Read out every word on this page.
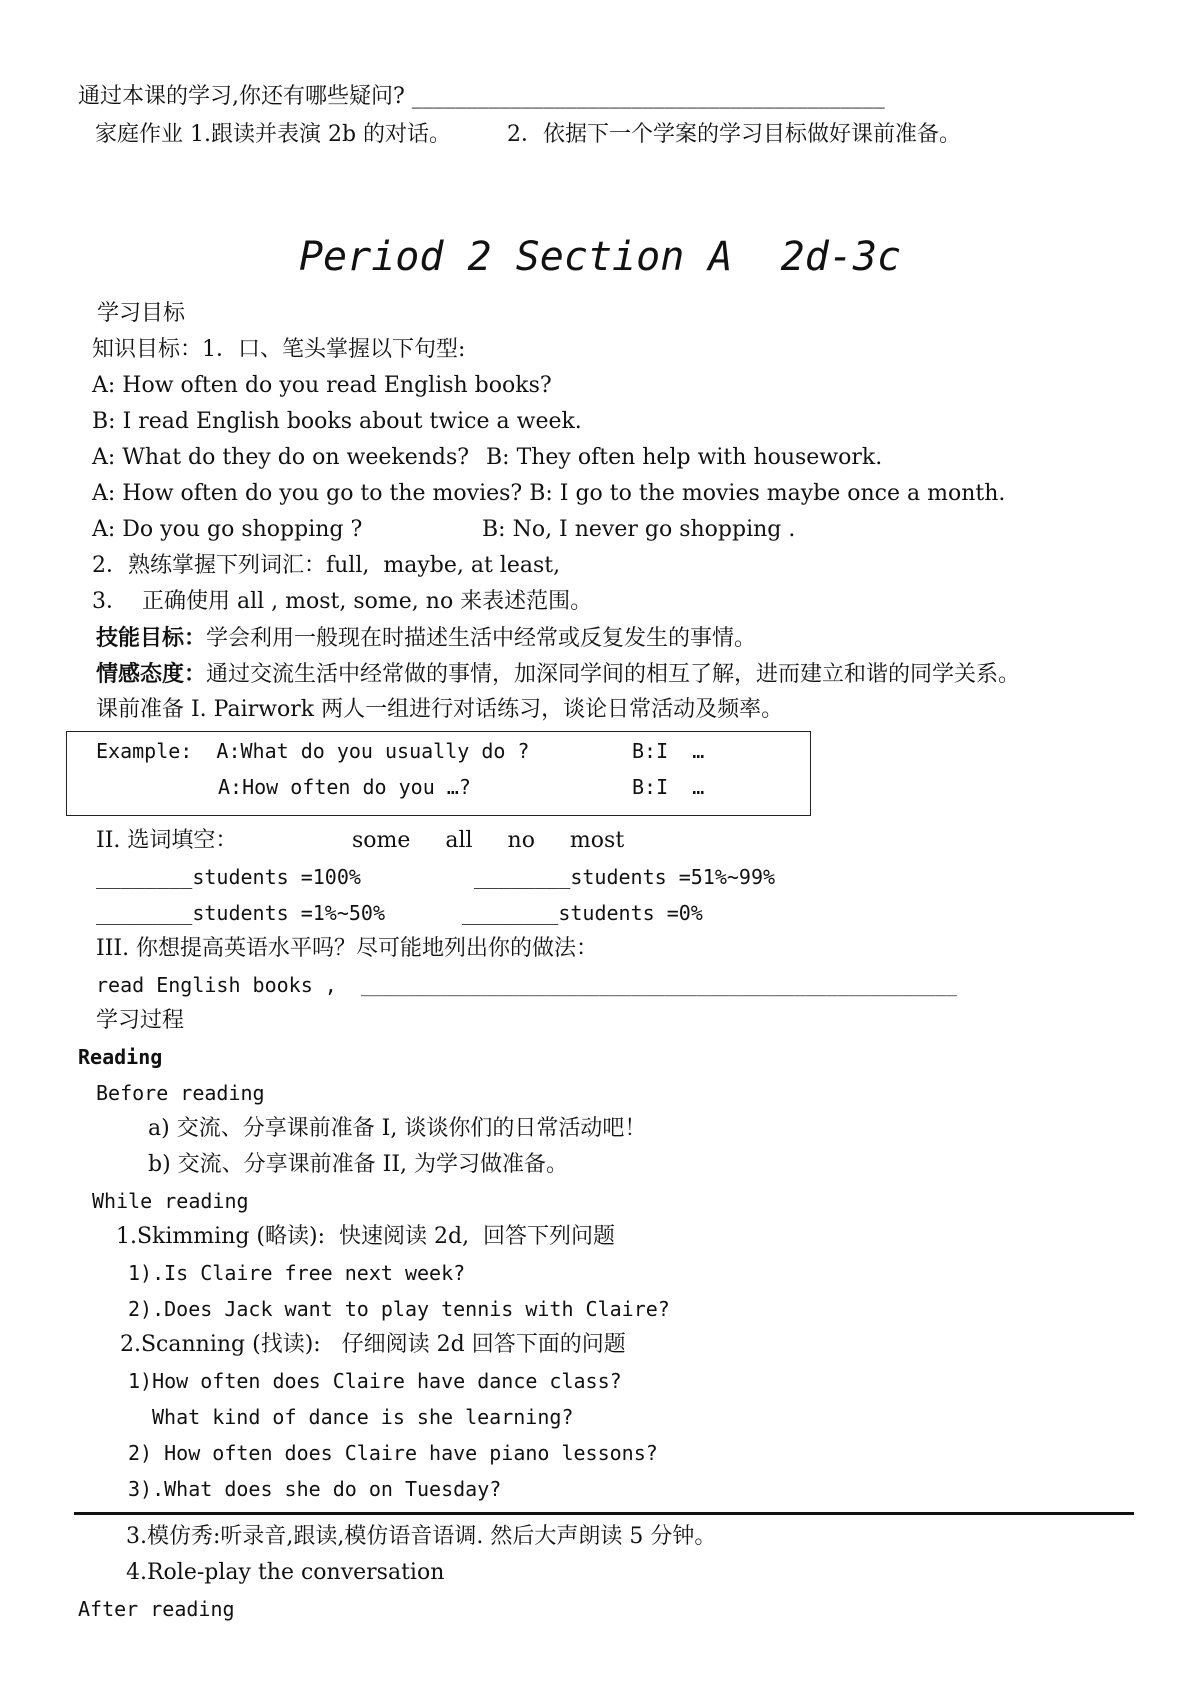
通过本课的学习,你还有哪些疑问? ___________________________________________
家庭作业 1.跟读并表演 2b 的对话。        2．依据下一个学案的学习目标做好课前准备。
Period 2 Section A  2d-3c
学习目标
知识目标：1．口、笔头掌握以下句型:
A: How often do you read English books?
B: I read English books about twice a week.
A: What do they do on weekends? B: They often help with housework.
A: How often do you go to the movies? B: I go to the movies maybe once a month.
A: Do you go shopping ?	B: No, I never go shopping .
2．熟练掌握下列词汇：full,  maybe, at least,
3．  正确使用 all , most, some, no 来表述范围。
技能目标：学会利用一般现在时描述生活中经常或反复发生的事情。
情感态度：通过交流生活中经常做的事情，加深同学间的相互了解，进而建立和谐的同学关系。
课前准备 I. Pairwork 两人一组进行对话练习，谈论日常活动及频率。
Example:  A:What do you usually do ?	B:I  …
A:How often do you …?	B:I  …
II. 选词填空：	some     all     no     most
________students =100%	________students =51%~99%
________students =1%~50%	________students =0%
III. 你想提高英语水平吗？尽可能地列出你的做法：
read English books ,  _______________________________________________________
学习过程
Reading
Before reading
a) 交流、分享课前准备 I, 谈谈你们的日常活动吧！
b) 交流、分享课前准备 II, 为学习做准备。
While reading
1.Skimming (略读):  快速阅读 2d,  回答下列问题
1).Is Claire free next week?
2).Does Jack want to play tennis with Claire?
2.Scanning (找读):   仔细阅读 2d 回答下面的问题
1)How often does Claire have dance class?
What kind of dance is she learning?
2) How often does Claire have piano lessons?
3).What does she do on Tuesday?
3.模仿秀:听录音,跟读,模仿语音语调. 然后大声朗读 5 分钟。
4.Role-play the conversation
After reading
